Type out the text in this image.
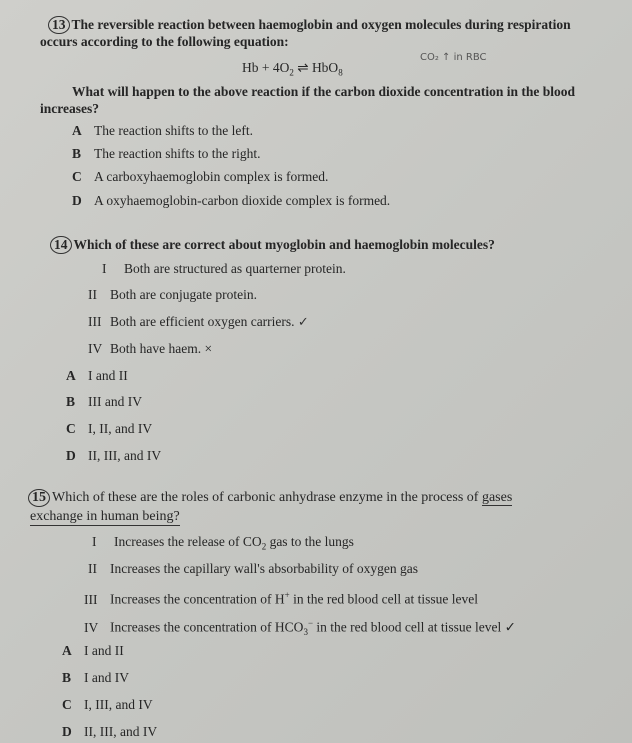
13 The reversible reaction between haemoglobin and oxygen molecules during respiration
occurs according to the following equation:
$Hb + 4O_2$ ⇌ HbO$_8$
CO₂ ↑ in RBC
What will happen to the above reaction if the carbon dioxide concentration in the blood
increases?
A The reaction shifts to the left.
B The reaction shifts to the right.
C A carboxyhaemoglobin complex is formed.
D A oxyhaemoglobin-carbon dioxide complex is formed.
14 Which of these are correct about myoglobin and haemoglobin molecules?
I Both are structured as quarterner protein.
II Both are conjugate protein.
III Both are efficient oxygen carriers. ✓
IV Both have haem. ×
A I and II
B III and IV
C I, II, and IV
D II, III, and IV
15 Which of these are the roles of carbonic anhydrase enzyme in the process of gases
exchange in human being?
I Increases the release of $CO_2$ gas to the lungs
II Increases the capillary wall's absorbability of oxygen gas
III Increases the concentration of H+ in the red blood cell at tissue level
IV Increases the concentration of $HCO_3^-$ in the red blood cell at tissue level ✓
A I and II
B I and IV
C I, III, and IV
D II, III, and IV
